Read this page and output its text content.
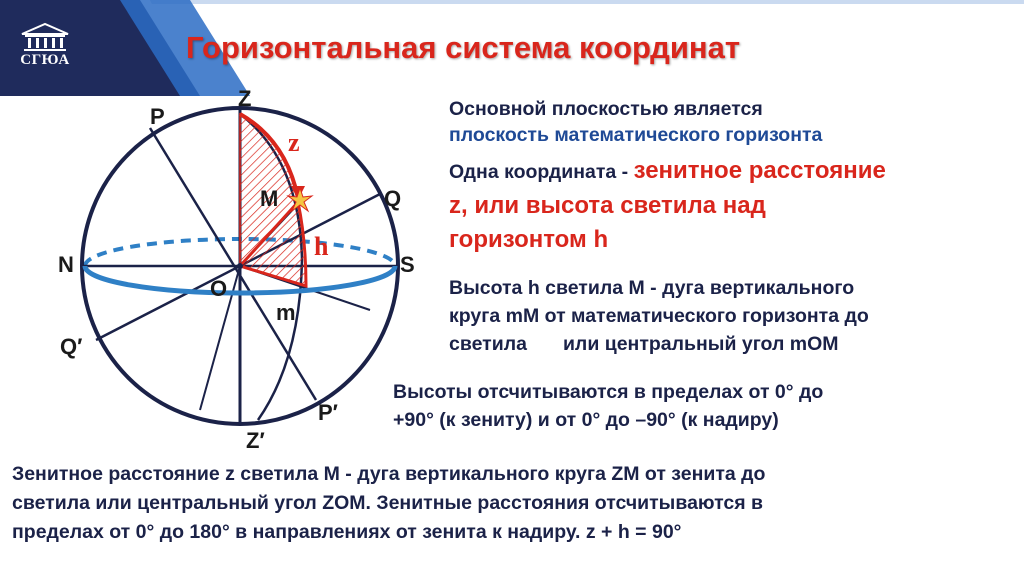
СГЮА	Горизонтальная система координат
Z
Z′
P
P′
Q
Q′
N	S
O
m
M
z
h
Основной плоскостью является
плоскость математического горизонта
Одна координата - зенитное расстояние
z, или высота светила над
горизонтом h
Высота h светила М - дуга вертикального
круга mM от математического горизонта до
светила или центральный угол mOM
Высоты отсчитываются в пределах от 0° до
+90° (к зениту) и от 0° до –90° (к надиру)
Зенитное расстояние z светила М - дуга вертикального круга ZM от зенита до
светила или центральный угол ZOM. Зенитные расстояния отсчитываются в
пределах от 0° до 180° в направлениях от зенита к надиру. z + h = 90°
